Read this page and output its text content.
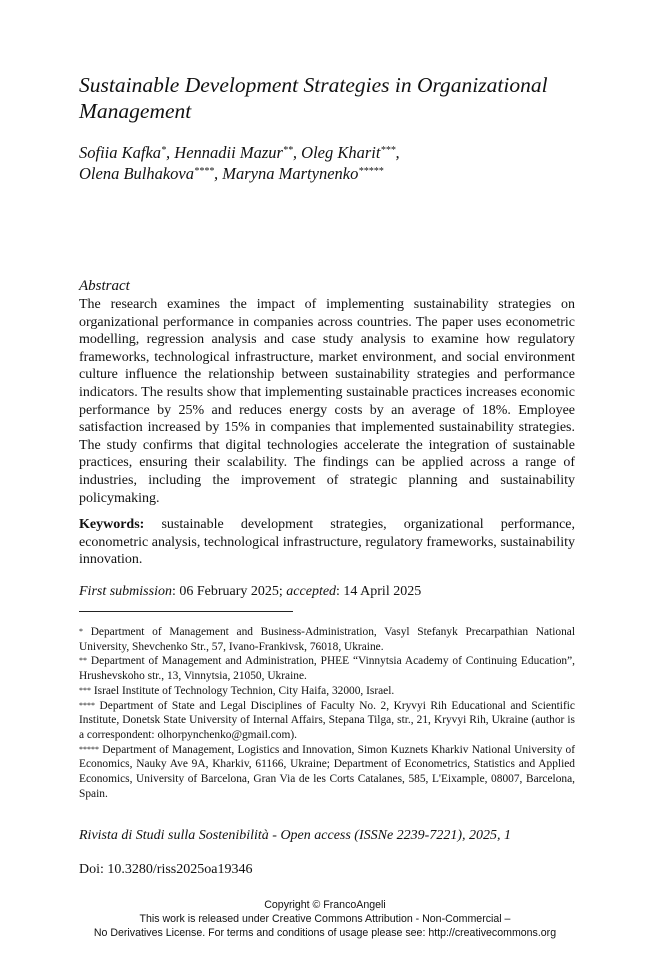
Sustainable Development Strategies in Organizational Management
Sofiia Kafka*, Hennadii Mazur**, Oleg Kharit***,
Olena Bulhakova****, Maryna Martynenko*****
Abstract
The research examines the impact of implementing sustainability strategies on organizational performance in companies across countries. The paper uses econometric modelling, regression analysis and case study analysis to examine how regulatory frameworks, technological infrastructure, market environment, and social environment culture influence the relationship between sustainability strategies and performance indicators. The results show that implementing sustainable practices increases economic performance by 25% and reduces energy costs by an average of 18%. Employee satisfaction increased by 15% in companies that implemented sustainability strategies. The study confirms that digital technologies accelerate the integration of sustainable practices, ensuring their scalability. The findings can be applied across a range of industries, including the improvement of strategic planning and sustainability policymaking.
Keywords: sustainable development strategies, organizational performance, econometric analysis, technological infrastructure, regulatory frameworks, sustainability innovation.
First submission: 06 February 2025; accepted: 14 April 2025

* Department of Management and Business-Administration, Vasyl Stefanyk Precarpathian National University, Shevchenko Str., 57, Ivano-Frankivsk, 76018, Ukraine.

** Department of Management and Administration, PHEE “Vinnytsia Academy of Continuing Education”, Hrushevskoho str., 13, Vinnytsia, 21050, Ukraine.

*** Israel Institute of Technology Technion, City Haifa, 32000, Israel.

**** Department of State and Legal Disciplines of Faculty No. 2, Kryvyi Rih Educational and Scientific Institute, Donetsk State University of Internal Affairs, Stepana Tilga, str., 21, Kryvyi Rih, Ukraine (author is a correspondent: olhorpynchenko@gmail.com).

***** Department of Management, Logistics and Innovation, Simon Kuznets Kharkiv National University of Economics, Nauky Ave 9A, Kharkiv, 61166, Ukraine; Department of Econometrics, Statistics and Applied Economics, University of Barcelona, Gran Via de les Corts Catalanes, 585, L'Eixample, 08007, Barcelona, Spain.

Rivista di Studi sulla Sostenibilità - Open access (ISSNe 2239-7221), 2025, 1
Doi: 10.3280/riss2025oa19346
Copyright © FrancoAngeli
This work is released under Creative Commons Attribution - Non-Commercial –
No Derivatives License. For terms and conditions of usage please see: http://creativecommons.org
